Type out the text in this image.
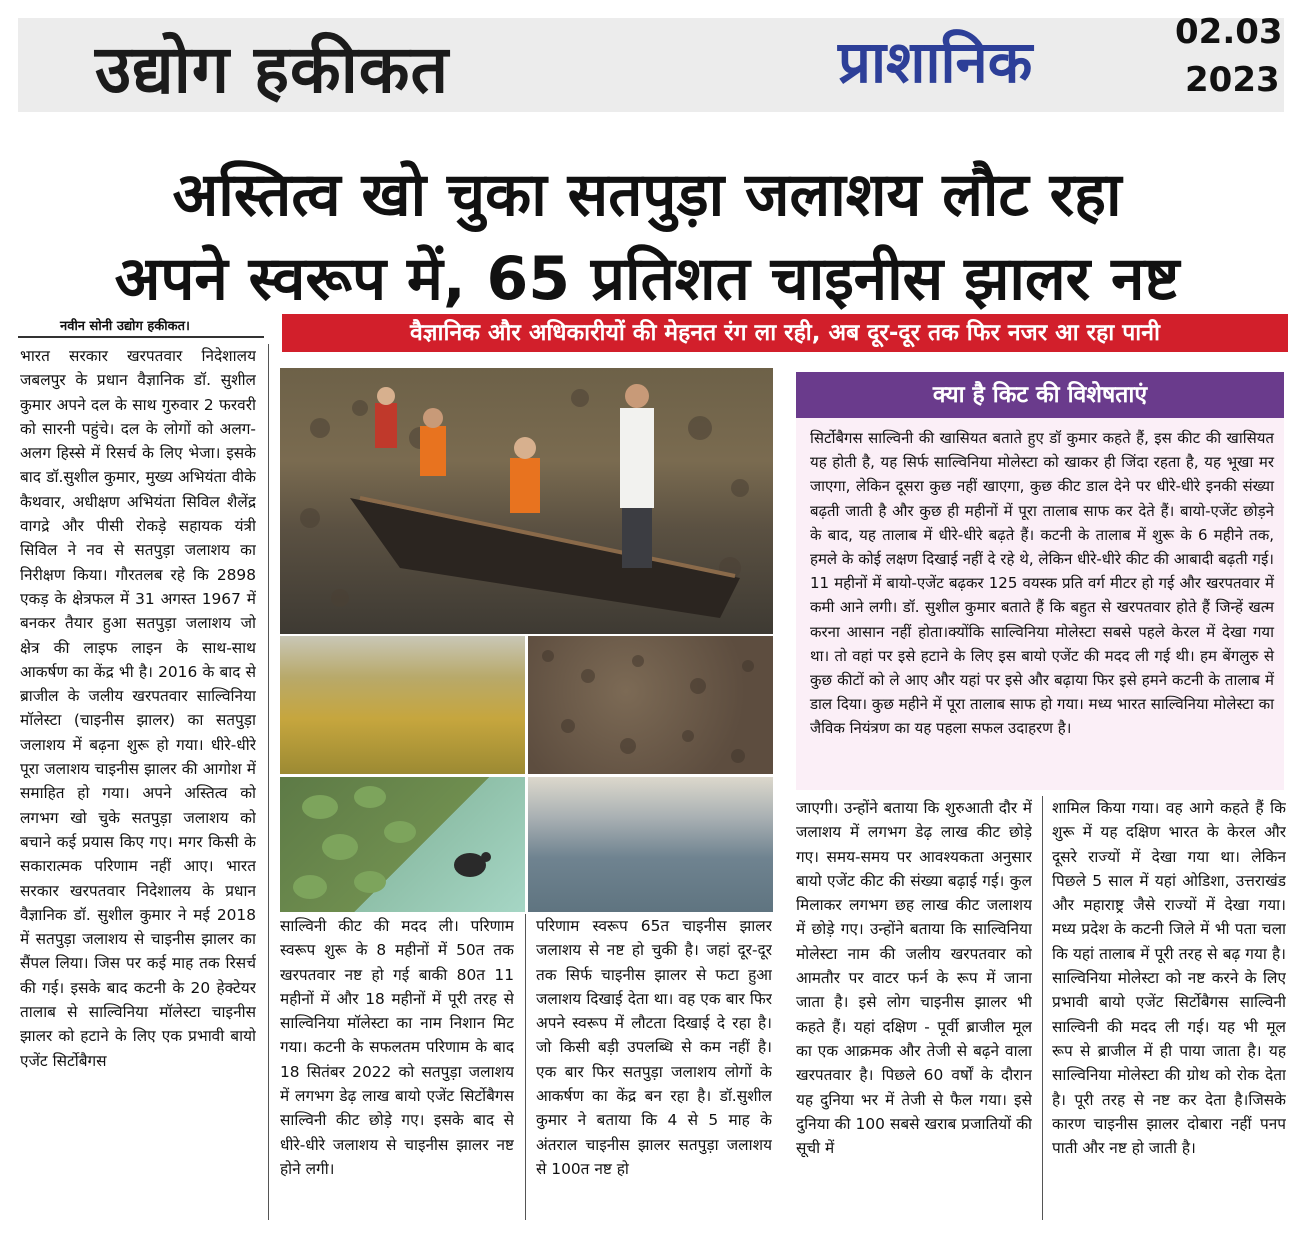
उद्योग हकीकत	प्राशानिक	02.03
2023
अस्तित्व खो चुका सतपुड़ा जलाशय लौट रहा
अपने स्वरूप में, 65 प्रतिशत चाइनीस झालर नष्ट
नवीन सोनी उद्योग हकीकत।	वैज्ञानिक और अधिकारीयों की मेहनत रंग ला रही, अब दूर-दूर तक फिर नजर आ रहा पानी
भारत सरकार खरपतवार निदेशालय जबलपुर के प्रधान वैज्ञानिक डॉ. सुशील कुमार अपने दल के साथ गुरुवार 2 फरवरी को सारनी पहुंचे। दल के लोगों को अलग-अलग हिस्से में रिसर्च के लिए भेजा। इसके बाद डॉ.सुशील कुमार, मुख्य अभियंता वीके कैथवार, अधीक्षण अभियंता सिविल शैलेंद्र वागद्रे और पीसी रोकड़े सहायक यंत्री सिविल ने नव से सतपुड़ा जलाशय का निरीक्षण किया। गौरतलब रहे कि 2898 एकड़ के क्षेत्रफल में 31 अगस्त 1967 में बनकर तैयार हुआ सतपुड़ा जलाशय जो क्षेत्र की लाइफ लाइन के साथ-साथ आकर्षण का केंद्र भी है। 2016 के बाद से ब्राजील के जलीय खरपतवार साल्विनिया मॉलेस्टा (चाइनीस झालर) का सतपुड़ा जलाशय में बढ़ना शुरू हो गया। धीरे-धीरे पूरा जलाशय चाइनीस झालर की आगोश में समाहित हो गया। अपने अस्तित्व को लगभग खो चुके सतपुड़ा जलाशय को बचाने कई प्रयास किए गए। मगर किसी के सकारात्मक परिणाम नहीं आए। भारत सरकार खरपतवार निदेशालय के प्रधान वैज्ञानिक डॉ. सुशील कुमार ने मई 2018 में सतपुड़ा जलाशय से चाइनीस झालर का सैंपल लिया। जिस पर कई माह तक रिसर्च की गई। इसके बाद कटनी के 20 हेक्टेयर तालाब से साल्विनिया मॉलेस्टा चाइनीस झालर को हटाने के लिए एक प्रभावी बायो एजेंट सिर्टोबैगस
साल्विनी कीट की मदद ली। परिणाम स्वरूप शुरू के 8 महीनों में 50त तक खरपतवार नष्ट हो गई बाकी 80त 11 महीनों में और 18 महीनों में पूरी तरह से साल्विनिया मॉलेस्टा का नाम निशान मिट गया। कटनी के सफलतम परिणाम के बाद 18 सितंबर 2022 को सतपुड़ा जलाशय में लगभग डेढ़ लाख बायो एजेंट सिर्टोबैगस साल्विनी कीट छोड़े गए। इसके बाद से धीरे-धीरे जलाशय से चाइनीस झालर नष्ट होने लगी।
परिणाम स्वरूप 65त चाइनीस झालर जलाशय से नष्ट हो चुकी है। जहां दूर-दूर तक सिर्फ चाइनीस झालर से फटा हुआ जलाशय दिखाई देता था। वह एक बार फिर अपने स्वरूप में लौटता दिखाई दे रहा है। जो किसी बड़ी उपलब्धि से कम नहीं है। एक बार फिर सतपुड़ा जलाशय लोगों के आकर्षण का केंद्र बन रहा है। डॉ.सुशील कुमार ने बताया कि 4 से 5 माह के अंतराल चाइनीस झालर सतपुड़ा जलाशय से 100त नष्ट हो
क्या है किट की विशेषताएं
सिर्टोबैगस साल्विनी की खासियत बताते हुए डॉ कुमार कहते हैं, इस कीट की खासियत यह होती है, यह सिर्फ साल्विनिया मोलेस्टा को खाकर ही जिंदा रहता है, यह भूखा मर जाएगा, लेकिन दूसरा कुछ नहीं खाएगा, कुछ कीट डाल देने पर धीरे-धीरे इनकी संख्या बढ़ती जाती है और कुछ ही महीनों में पूरा तालाब साफ कर देते हैं। बायो-एजेंट छोड़ने के बाद, यह तालाब में धीरे-धीरे बढ़ते हैं। कटनी के तालाब में शुरू के 6 महीने तक, हमले के कोई लक्षण दिखाई नहीं दे रहे थे, लेकिन धीरे-धीरे कीट की आबादी बढ़ती गई। 11 महीनों में बायो-एजेंट बढ़कर 125 वयस्क प्रति वर्ग मीटर हो गई और खरपतवार में कमी आने लगी। डॉ. सुशील कुमार बताते हैं कि बहुत से खरपतवार होते हैं जिन्हें खत्म करना आसान नहीं होता।क्योंकि साल्विनिया मोलेस्टा सबसे पहले केरल में देखा गया था। तो वहां पर इसे हटाने के लिए इस बायो एजेंट की मदद ली गई थी। हम बेंगलुरु से कुछ कीटों को ले आए और यहां पर इसे और बढ़ाया फिर इसे हमने कटनी के तालाब में डाल दिया। कुछ महीने में पूरा तालाब साफ हो गया। मध्य भारत साल्विनिया मोलेस्टा का जैविक नियंत्रण का यह पहला सफल उदाहरण है।
जाएगी। उन्होंने बताया कि शुरुआती दौर में जलाशय में लगभग डेढ़ लाख कीट छोड़े गए। समय-समय पर आवश्यकता अनुसार बायो एजेंट कीट की संख्या बढ़ाई गई। कुल मिलाकर लगभग छह लाख कीट जलाशय में छोड़े गए। उन्होंने बताया कि साल्विनिया मोलेस्टा नाम की जलीय खरपतवार को आमतौर पर वाटर फर्न के रूप में जाना जाता है। इसे लोग चाइनीस झालर भी कहते हैं। यहां दक्षिण - पूर्वी ब्राजील मूल का एक आक्रमक और तेजी से बढ़ने वाला खरपतवार है। पिछले 60 वर्षों के दौरान यह दुनिया भर में तेजी से फैल गया। इसे दुनिया की 100 सबसे खराब प्रजातियों की सूची में
शामिल किया गया। वह आगे कहते हैं कि शुरू में यह दक्षिण भारत के केरल और दूसरे राज्यों में देखा गया था। लेकिन पिछले 5 साल में यहां ओडिशा, उत्तराखंड और महाराष्ट्र जैसे राज्यों में देखा गया। मध्य प्रदेश के कटनी जिले में भी पता चला कि यहां तालाब में पूरी तरह से बढ़ गया है। साल्विनिया मोलेस्टा को नष्ट करने के लिए प्रभावी बायो एजेंट सिर्टोबैगस साल्विनी साल्विनी की मदद ली गई। यह भी मूल रूप से ब्राजील में ही पाया जाता है। यह साल्विनिया मोलेस्टा की ग्रोथ को रोक देता है। पूरी तरह से नष्ट कर देता है।जिसके कारण चाइनीस झालर दोबारा नहीं पनप पाती और नष्ट हो जाती है।
